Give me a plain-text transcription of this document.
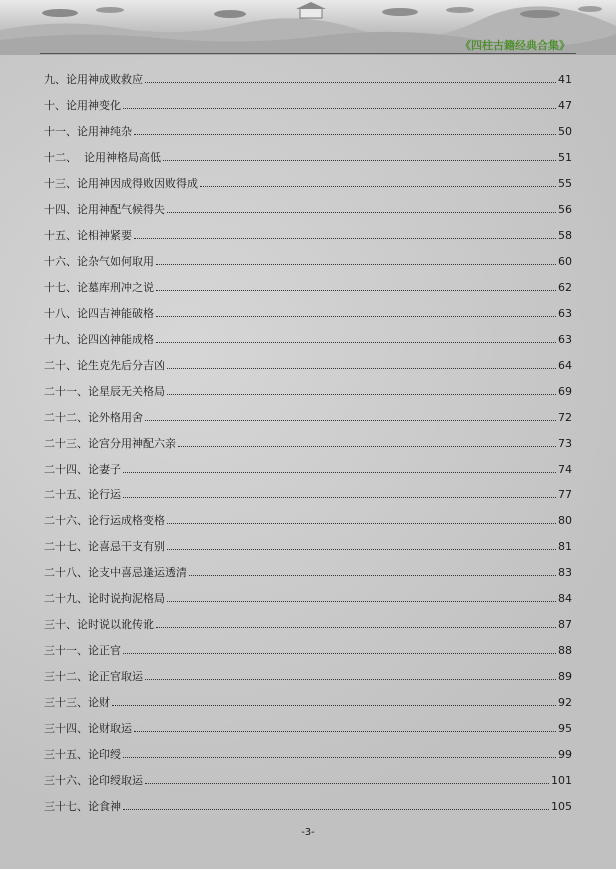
《四柱古籍经典合集》
九、论用神成败救应	41
十、论用神变化	47
十一、论用神纯杂	50
十二、  论用神格局高低	51
十三、论用神因成得败因败得成	55
十四、论用神配气候得失	56
十五、论相神紧要	58
十六、论杂气如何取用	60
十七、论墓库刑冲之说	62
十八、论四吉神能破格	63
十九、论四凶神能成格	63
二十、论生克先后分吉凶	64
二十一、论星辰无关格局	69
二十二、论外格用舍	72
二十三、论宫分用神配六亲	73
二十四、论妻子	74
二十五、论行运	77
二十六、论行运成格变格	80
二十七、论喜忌干支有别	81
二十八、论支中喜忌逢运透清	83
二十九、论时说拘泥格局	84
三十、论时说以讹传讹	87
三十一、论正官	88
三十二、论正官取运	89
三十三、论财	92
三十四、论财取运	95
三十五、论印绶	99
三十六、论印绶取运	101
三十七、论食神	105
-3-
